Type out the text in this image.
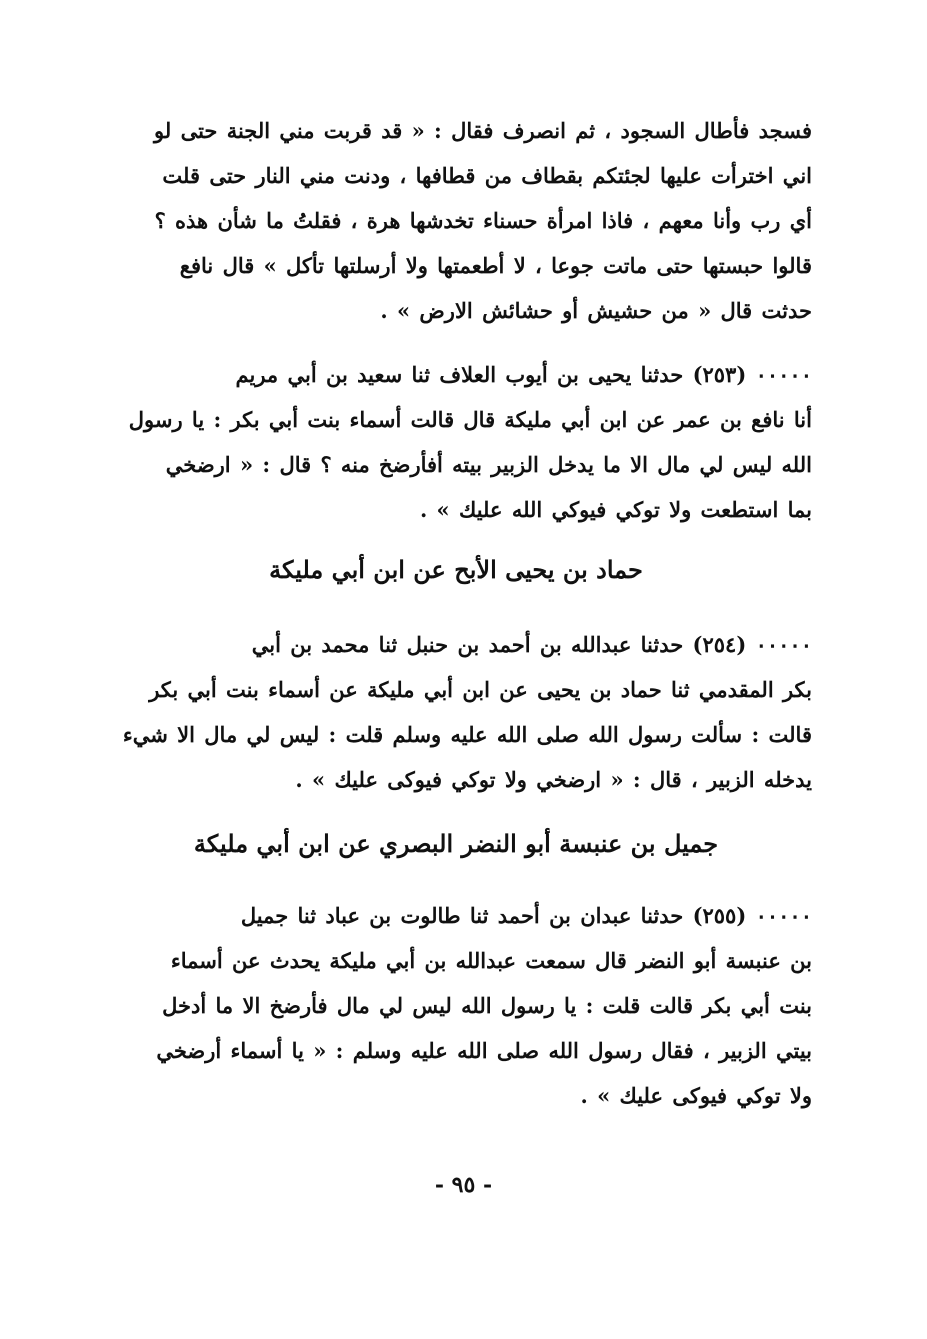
فسجد فأطال السجود ، ثم انصرف فقال : « قد قربت مني الجنة حتى لو
اني اخترأت عليها لجئتكم بقطاف من قطافها ، ودنت مني النار حتى قلت
أي رب وأنا معهم ، فاذا امرأة حسناء تخدشها هرة ، فقلتُ ما شأن هذه ؟
قالوا حبستها حتى ماتت جوعا ، لا أطعمتها ولا أرسلتها تأكل » قال نافع
حدثت قال « من حشيش أو حشائش الارض » .
٠٠٠٠٠ (٢٥٣) حدثنا يحيى بن أيوب العلاف ثنا سعيد بن أبي مريم
أنا نافع بن عمر عن ابن أبي مليكة قال قالت أسماء بنت أبي بكر : يا رسول
الله ليس لي مال الا ما يدخل الزبير بيته أفأرضخ منه ؟ قال : « ارضخي
بما استطعت ولا توكي فيوكي الله عليك » .
حماد بن يحيى الأبح عن ابن أبي مليكة
٠٠٠٠٠ (٢٥٤) حدثنا عبدالله بن أحمد بن حنبل ثنا محمد بن أبي
بكر المقدمي ثنا حماد بن يحيى عن ابن أبي مليكة عن أسماء بنت أبي بكر
قالت : سألت رسول الله صلى الله عليه وسلم قلت : ليس لي مال الا شيء
يدخله الزبير ، قال : « ارضخي ولا توكي فيوكى عليك » .
جميل بن عنبسة أبو النضر البصري عن ابن أبي مليكة
٠٠٠٠٠ (٢٥٥) حدثنا عبدان بن أحمد ثنا طالوت بن عباد ثنا جميل
بن عنبسة أبو النضر قال سمعت عبدالله بن أبي مليكة يحدث عن أسماء
بنت أبي بكر قالت قلت : يا رسول الله ليس لي مال فأرضخ الا ما أدخل
بيتي الزبير ، فقال رسول الله صلى الله عليه وسلم : « يا أسماء أرضخي
ولا توكي فيوكى عليك » .
- ٩٥ -
